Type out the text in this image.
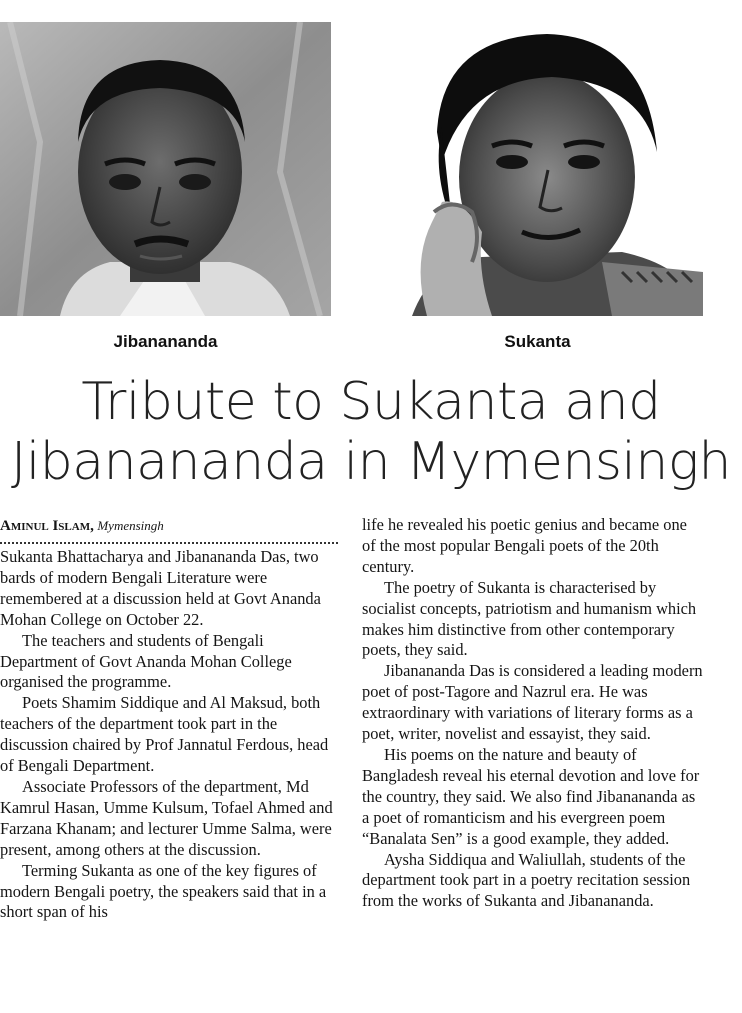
Jibanananda	Sukanta
Tribute to Sukanta and
Jibanananda in Mymensingh
Aminul Islam, Mymensingh

Sukanta Bhattacharya and Jibanananda Das, two bards of modern Bengali Literature were remembered at a discussion held at Govt Ananda Mohan College on October 22.

The teachers and students of Bengali Department of Govt Ananda Mohan College organised the programme.

Poets Shamim Siddique and Al Maksud, both teachers of the department took part in the discussion chaired by Prof Jannatul Ferdous, head of Bengali Department.

Associate Professors of the department, Md Kamrul Hasan, Umme Kulsum, Tofael Ahmed and Farzana Khanam; and lecturer Umme Salma, were present, among others at the discussion.

Terming Sukanta as one of the key figures of modern Bengali poetry, the speakers said that in a short span of his

life he revealed his poetic genius and became one of the most popular Bengali poets of the 20th century.

The poetry of Sukanta is characterised by socialist concepts, patriotism and humanism which makes him distinctive from other contemporary poets, they said.

Jibanananda Das is considered a leading modern poet of post-Tagore and Nazrul era. He was extraordinary with variations of literary forms as a poet, writer, novelist and essayist, they said.

His poems on the nature and beauty of Bangladesh reveal his eternal devotion and love for the country, they said. We also find Jibanananda as a poet of romanticism and his evergreen poem “Banalata Sen” is a good example, they added.

Aysha Siddiqua and Waliullah, students of the department took part in a poetry recitation session from the works of Sukanta and Jibanananda.
